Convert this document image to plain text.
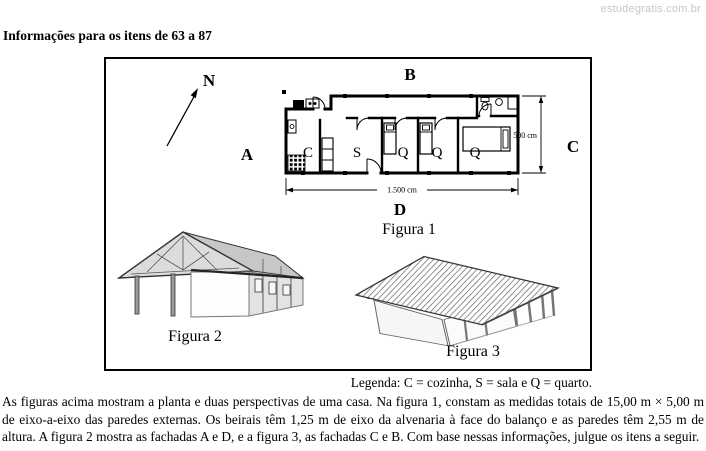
estudegratis.com.br
Informações para os itens de 63 a 87
N	B
A	C
D
C	S Q Q Q
1.500 cm
500 cm
Figura 1
Figura 2
Figura 3
Legenda: C = cozinha, S = sala e Q = quarto.
As figuras acima mostram a planta e duas perspectivas de uma casa. Na figura 1, constam as medidas totais de 15,00 m × 5,00 m de eixo-a-eixo das paredes externas. Os beirais têm 1,25 m de eixo da alvenaria à face do balanço e as paredes têm 2,55 m de altura. A figura 2 mostra as fachadas A e D, e a figura 3, as fachadas C e B. Com base nessas informações, julgue os itens a seguir.
